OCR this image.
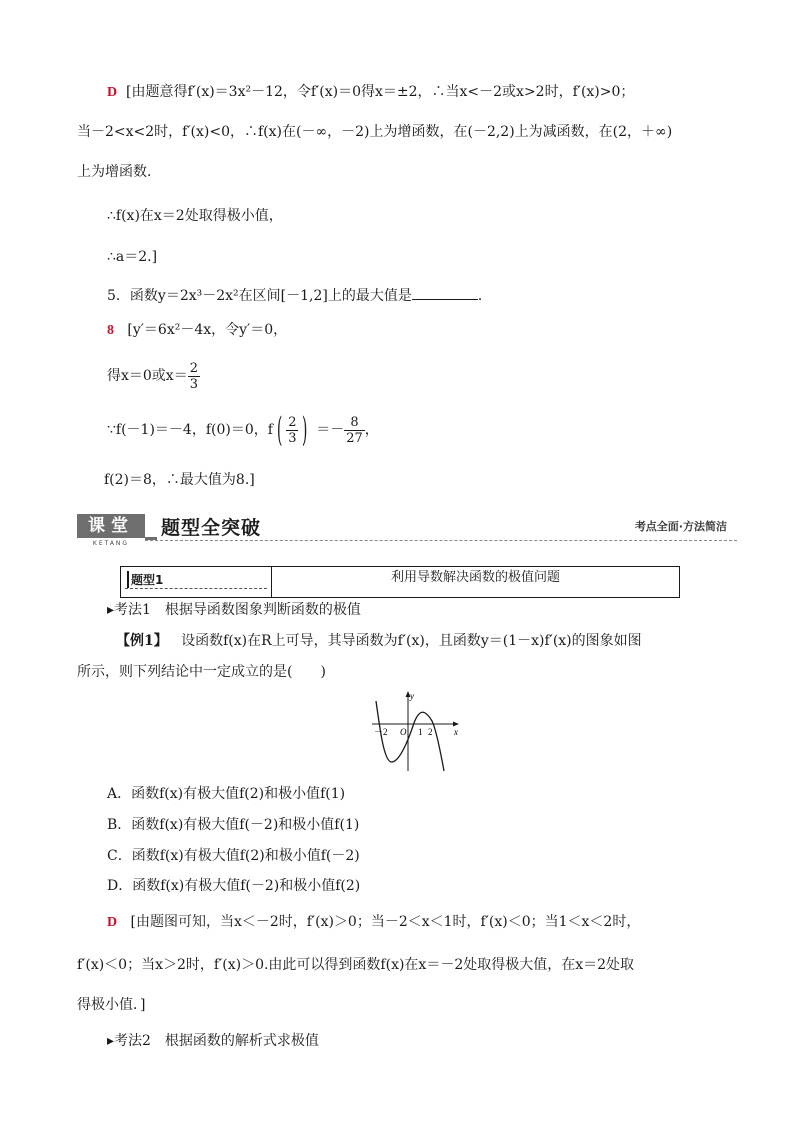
D [由题意得f′(x)＝3x²－12，令f′(x)＝0得x＝±2，∴当x<－2或x>2时，f′(x)>0；
当－2<x<2时，f′(x)<0，∴f(x)在(－∞，－2)上为增函数，在(－2,2)上为减函数，在(2，＋∞)
上为增函数．
∴f(x)在x＝2处取得极小值，
∴a＝2.]
5．函数y＝2x³－2x²在区间[－1,2]上的最大值是	．
8 [y′＝6x²－4x，令y′＝0，
得x＝0或$x= \frac{2}{3}$
∵f(－1)＝－4，f(0)＝0，f ( $\frac{2}{3}$ ) ＝－ $\frac{8}{27}$ ，
f(2)＝8，∴最大值为8.]
课堂
KETANG
题型全突破	考点全面·方法简洁
题型1	利用导数解决函数的极值问题
▸考法1　根据导函数图象判断函数的极值
【例1】 设函数f(x)在R上可导，其导函数为f′(x)，且函数y＝(1－x)f′(x)的图象如图
所示，则下列结论中一定成立的是(　　)
y
x
－2 O 1 2
A．函数f(x)有极大值f(2)和极小值f(1)
B．函数f(x)有极大值f(－2)和极小值f(1)
C．函数f(x)有极大值f(2)和极小值f(－2)
D．函数f(x)有极大值f(－2)和极小值f(2)
D [由题图可知，当x＜－2时，f′(x)＞0；当－2＜x＜1时，f′(x)＜0；当1＜x＜2时，
f′(x)＜0；当x＞2时，f′(x)＞0.由此可以得到函数f(x)在x＝－2处取得极大值，在x＝2处取
得极小值．]
▸考法2　根据函数的解析式求极值
